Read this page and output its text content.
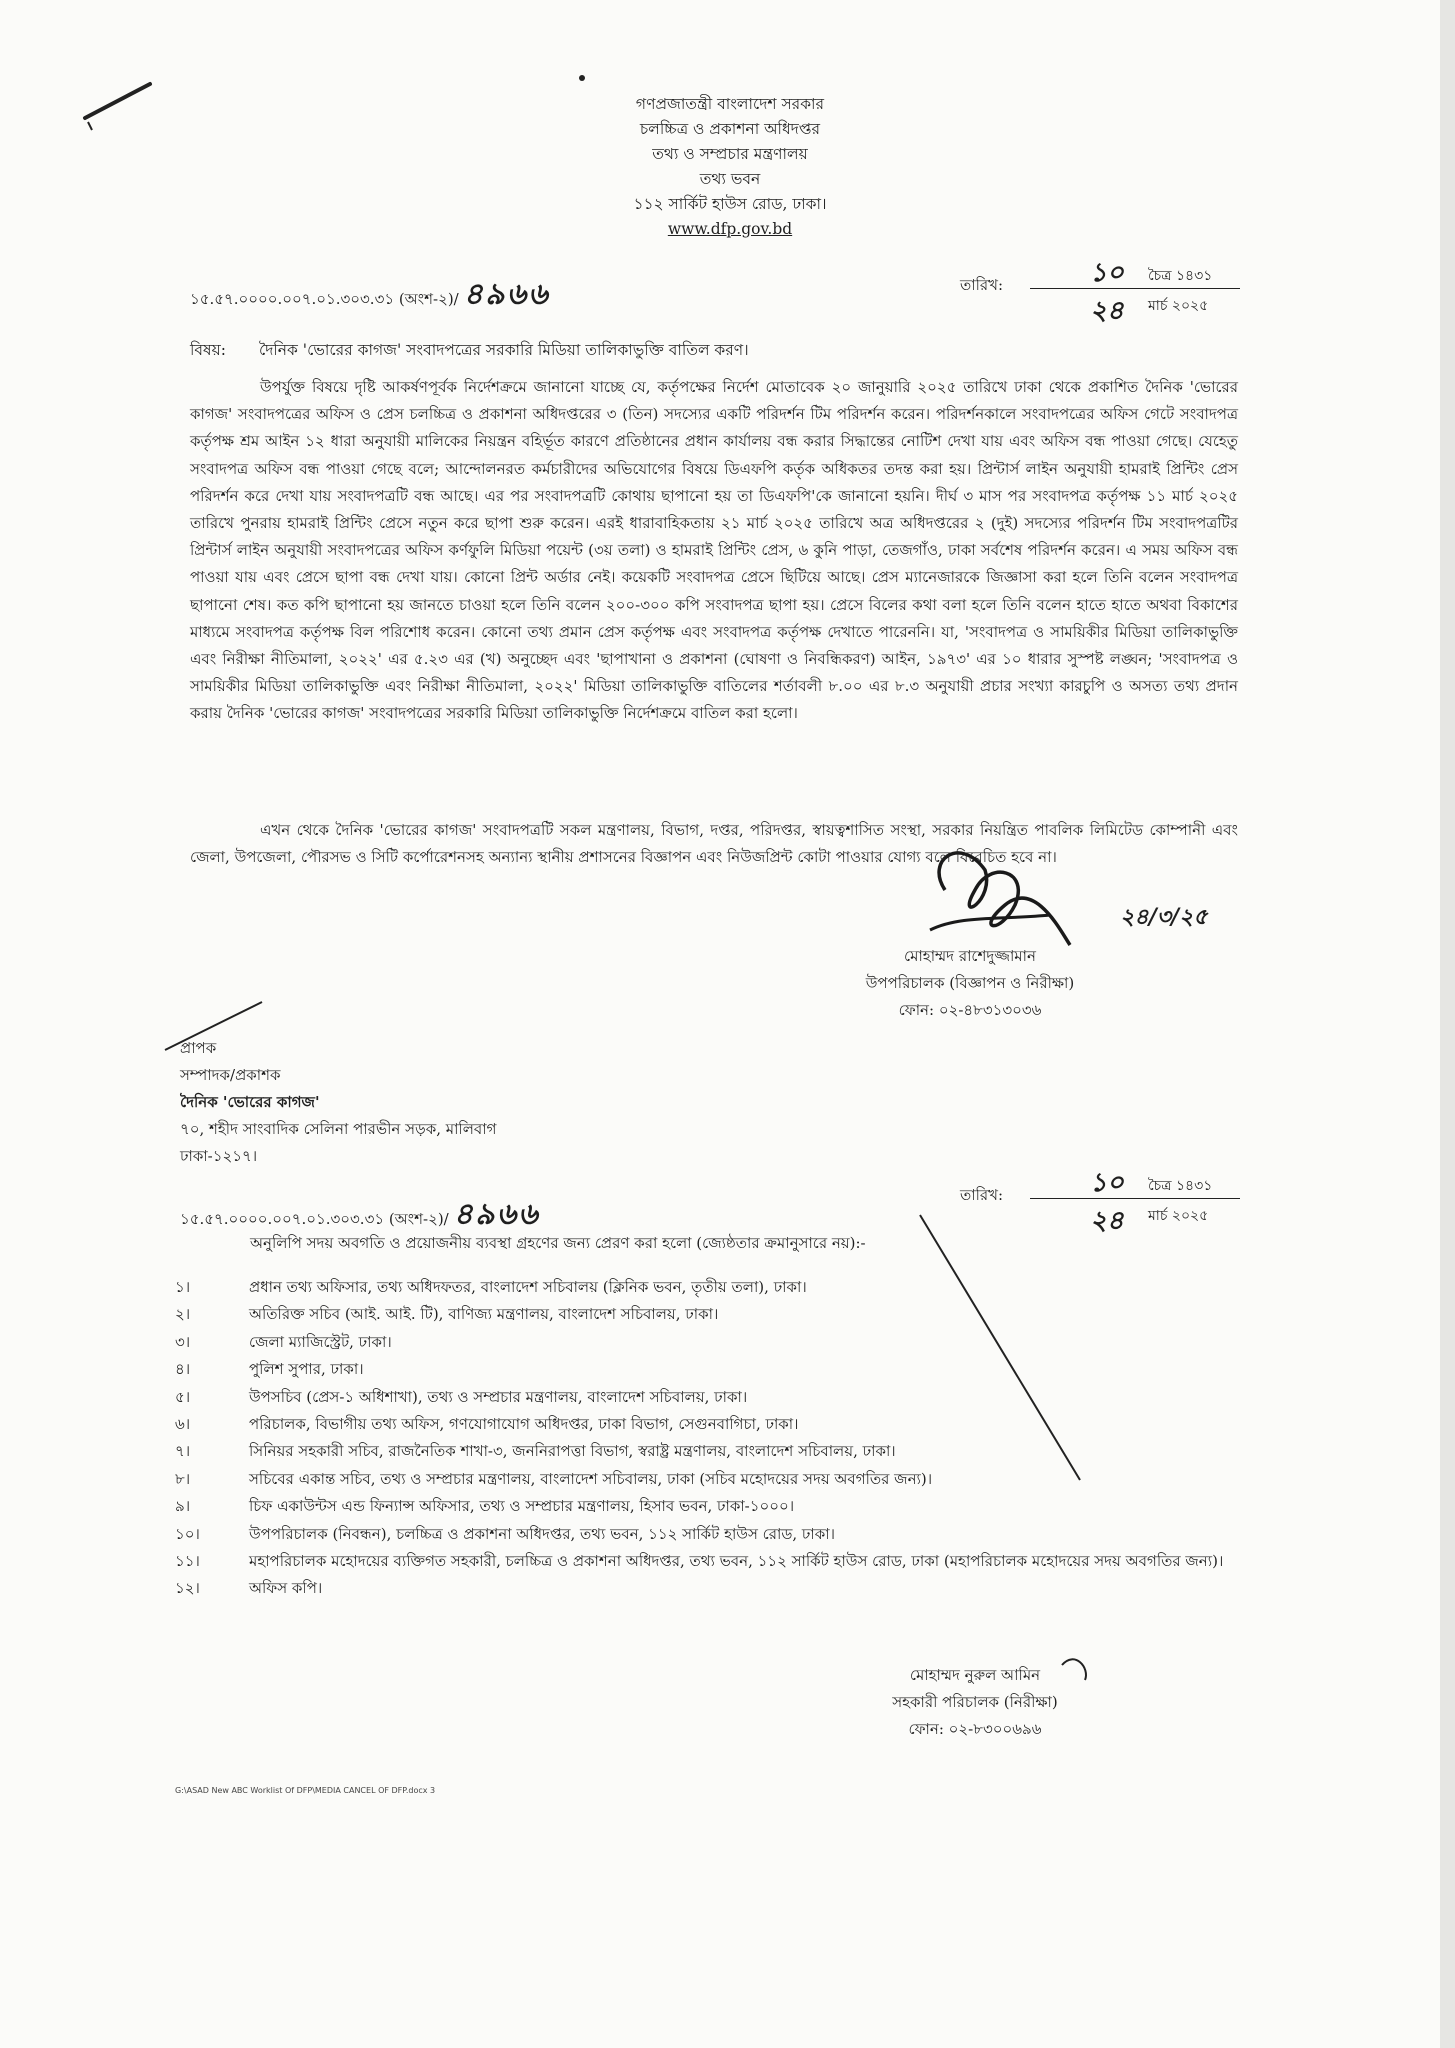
গণপ্রজাতন্ত্রী বাংলাদেশ সরকার
চলচ্চিত্র ও প্রকাশনা অধিদপ্তর
তথ্য ও সম্প্রচার মন্ত্রণালয়
তথ্য ভবন
১১২ সার্কিট হাউস রোড, ঢাকা।
www.dfp.gov.bd
১৫.৫৭.০০০০.০০৭.০১.৩০৩.৩১ (অংশ-২)/ ৪৯৬৬	তারিখ:	১০ চৈত্র ১৪৩১
২৪ মার্চ ২০২৫
বিষয়: দৈনিক 'ভোরের কাগজ' সংবাদপত্রের সরকারি মিডিয়া তালিকাভুক্তি বাতিল করণ।
উপর্যুক্ত বিষয়ে দৃষ্টি আকর্ষণপূর্বক নির্দেশক্রমে জানানো যাচ্ছে যে, কর্তৃপক্ষের নির্দেশ মোতাবেক ২০ জানুয়ারি ২০২৫ তারিখে ঢাকা থেকে প্রকাশিত দৈনিক 'ভোরের কাগজ' সংবাদপত্রের অফিস ও প্রেস চলচ্চিত্র ও প্রকাশনা অধিদপ্তরের ৩ (তিন) সদস্যের একটি পরিদর্শন টিম পরিদর্শন করেন। পরিদর্শনকালে সংবাদপত্রের অফিস গেটে সংবাদপত্র কর্তৃপক্ষ শ্রম আইন ১২ ধারা অনুযায়ী মালিকের নিয়ন্ত্রন বহির্ভূত কারণে প্রতিষ্ঠানের প্রধান কার্যালয় বন্ধ করার সিদ্ধান্তের নোটিশ দেখা যায় এবং অফিস বন্ধ পাওয়া গেছে। যেহেতু সংবাদপত্র অফিস বন্ধ পাওয়া গেছে বলে; আন্দোলনরত কর্মচারীদের অভিযোগের বিষয়ে ডিএফপি কর্তৃক অধিকতর তদন্ত করা হয়। প্রিন্টার্স লাইন অনুযায়ী হামরাই প্রিন্টিং প্রেস পরিদর্শন করে দেখা যায় সংবাদপত্রটি বন্ধ আছে। এর পর সংবাদপত্রটি কোথায় ছাপানো হয় তা ডিএফপি'কে জানানো হয়নি। দীর্ঘ ৩ মাস পর সংবাদপত্র কর্তৃপক্ষ ১১ মার্চ ২০২৫ তারিখে পুনরায় হামরাই প্রিন্টিং প্রেসে নতুন করে ছাপা শুরু করেন। এরই ধারাবাহিকতায় ২১ মার্চ ২০২৫ তারিখে অত্র অধিদপ্তরের ২ (দুই) সদস্যের পরিদর্শন টিম সংবাদপত্রটির প্রিন্টার্স লাইন অনুযায়ী সংবাদপত্রের অফিস কর্ণফুলি মিডিয়া পয়েন্ট (৩য় তলা) ও হামরাই প্রিন্টিং প্রেস, ৬ কুনি পাড়া, তেজগাঁও, ঢাকা সর্বশেষ পরিদর্শন করেন। এ সময় অফিস বন্ধ পাওয়া যায় এবং প্রেসে ছাপা বন্ধ দেখা যায়। কোনো প্রিন্ট অর্ডার নেই। কয়েকটি সংবাদপত্র প্রেসে ছিটিয়ে আছে। প্রেস ম্যানেজারকে জিজ্ঞাসা করা হলে তিনি বলেন সংবাদপত্র ছাপানো শেষ। কত কপি ছাপানো হয় জানতে চাওয়া হলে তিনি বলেন ২০০-৩০০ কপি সংবাদপত্র ছাপা হয়। প্রেসে বিলের কথা বলা হলে তিনি বলেন হাতে হাতে অথবা বিকাশের মাধ্যমে সংবাদপত্র কর্তৃপক্ষ বিল পরিশোধ করেন। কোনো তথ্য প্রমান প্রেস কর্তৃপক্ষ এবং সংবাদপত্র কর্তৃপক্ষ দেখাতে পারেননি। যা, 'সংবাদপত্র ও সাময়িকীর মিডিয়া তালিকাভুক্তি এবং নিরীক্ষা নীতিমালা, ২০২২' এর ৫.২৩ এর (খ) অনুচ্ছেদ এবং 'ছাপাখানা ও প্রকাশনা (ঘোষণা ও নিবন্ধিকরণ) আইন, ১৯৭৩' এর ১০ ধারার সুস্পষ্ট লঙ্ঘন; 'সংবাদপত্র ও সাময়িকীর মিডিয়া তালিকাভুক্তি এবং নিরীক্ষা নীতিমালা, ২০২২' মিডিয়া তালিকাভুক্তি বাতিলের শর্তাবলী ৮.০০ এর ৮.৩ অনুযায়ী প্রচার সংখ্যা কারচুপি ও অসত্য তথ্য প্রদান করায় দৈনিক 'ভোরের কাগজ' সংবাদপত্রের সরকারি মিডিয়া তালিকাভুক্তি নির্দেশক্রমে বাতিল করা হলো।
এখন থেকে দৈনিক 'ভোরের কাগজ' সংবাদপত্রটি সকল মন্ত্রণালয়, বিভাগ, দপ্তর, পরিদপ্তর, স্বায়ত্বশাসিত সংস্থা, সরকার নিয়ন্ত্রিত পাবলিক লিমিটেড কোম্পানী এবং জেলা, উপজেলা, পৌরসভ ও সিটি কর্পোরেশনসহ অন্যান্য স্থানীয় প্রশাসনের বিজ্ঞাপন এবং নিউজপ্রিন্ট কোটা পাওয়ার যোগ্য বলে বিবেচিত হবে না।
২৪/৩/২৫
মোহাম্মদ রাশেদুজ্জামান
উপপরিচালক (বিজ্ঞাপন ও নিরীক্ষা)
ফোন: ০২-৪৮৩১৩০৩৬
প্রাপক
সম্পাদক/প্রকাশক
দৈনিক 'ভোরের কাগজ'
৭০, শহীদ সাংবাদিক সেলিনা পারভীন সড়ক, মালিবাগ
ঢাকা-১২১৭।
১৫.৫৭.০০০০.০০৭.০১.৩০৩.৩১ (অংশ-২)/ ৪৯৬৬
তারিখ:	১০ চৈত্র ১৪৩১
২৪ মার্চ ২০২৫
অনুলিপি সদয় অবগতি ও প্রয়োজনীয় ব্যবস্থা গ্রহণের জন্য প্রেরণ করা হলো (জ্যেষ্ঠতার ক্রমানুসারে নয়):-
১।	প্রধান তথ্য অফিসার, তথ্য অধিদফতর, বাংলাদেশ সচিবালয় (ক্লিনিক ভবন, তৃতীয় তলা), ঢাকা।
২।	অতিরিক্ত সচিব (আই. আই. টি), বাণিজ্য মন্ত্রণালয়, বাংলাদেশ সচিবালয়, ঢাকা।
৩।	জেলা ম্যাজিস্ট্রেট, ঢাকা।
৪।	পুলিশ সুপার, ঢাকা।
৫।	উপসচিব (প্রেস-১ অধিশাখা), তথ্য ও সম্প্রচার মন্ত্রণালয়, বাংলাদেশ সচিবালয়, ঢাকা।
৬।	পরিচালক, বিভাগীয় তথ্য অফিস, গণযোগাযোগ অধিদপ্তর, ঢাকা বিভাগ, সেগুনবাগিচা, ঢাকা।
৭।	সিনিয়র সহকারী সচিব, রাজনৈতিক শাখা-৩, জননিরাপত্তা বিভাগ, স্বরাষ্ট্র মন্ত্রণালয়, বাংলাদেশ সচিবালয়, ঢাকা।
৮।	সচিবের একান্ত সচিব, তথ্য ও সম্প্রচার মন্ত্রণালয়, বাংলাদেশ সচিবালয়, ঢাকা (সচিব মহোদয়ের সদয় অবগতির জন্য)।
৯।	চিফ একাউন্টস এন্ড ফিন্যান্স অফিসার, তথ্য ও সম্প্রচার মন্ত্রণালয়, হিসাব ভবন, ঢাকা-১০০০।
১০।	উপপরিচালক (নিবন্ধন), চলচ্চিত্র ও প্রকাশনা অধিদপ্তর, তথ্য ভবন, ১১২ সার্কিট হাউস রোড, ঢাকা।
১১।	মহাপরিচালক মহোদয়ের ব্যক্তিগত সহকারী, চলচ্চিত্র ও প্রকাশনা অধিদপ্তর, তথ্য ভবন, ১১২ সার্কিট হাউস রোড, ঢাকা (মহাপরিচালক মহোদয়ের সদয় অবগতির জন্য)।
১২।	অফিস কপি।
মোহাম্মদ নুরুল আমিন
সহকারী পরিচালক (নিরীক্ষা)
ফোন: ০২-৮৩০০৬৯৬
G:\ASAD New ABC Worklist Of DFP\MEDIA CANCEL OF DFP.docx 3
